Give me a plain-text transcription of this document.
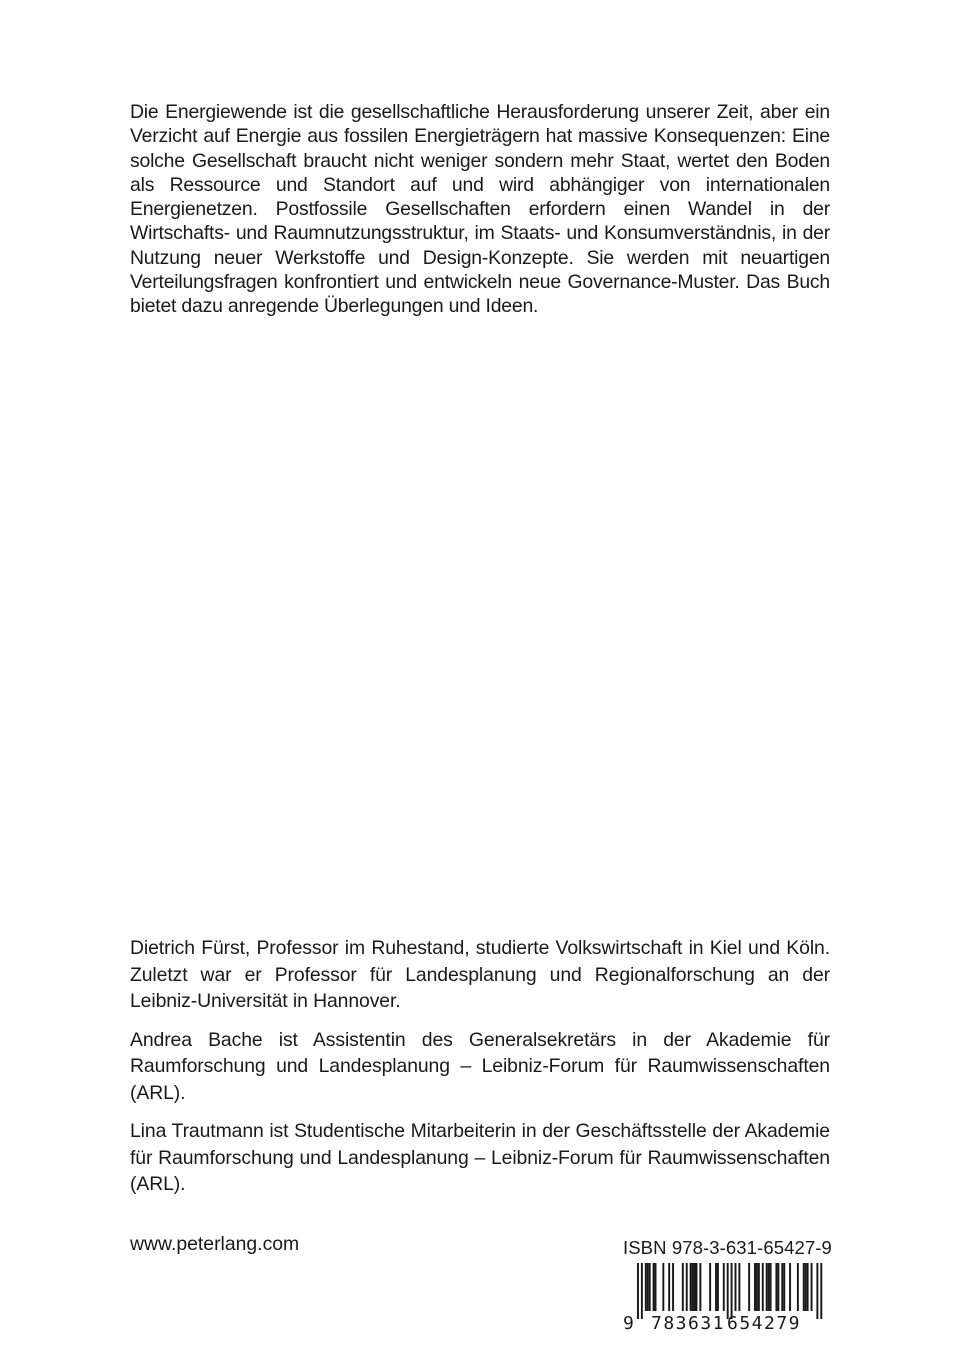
Die Energiewende ist die gesellschaftliche Herausforderung unserer Zeit, aber ein Verzicht auf Energie aus fossilen Energieträgern hat massive Konsequenzen: Eine solche Gesellschaft braucht nicht weniger sondern mehr Staat, wertet den Boden als Ressource und Standort auf und wird abhängiger von internationalen Energienetzen. Postfossile Gesellschaften erfordern einen Wandel in der Wirtschafts- und Raumnutzungsstruktur, im Staats- und Konsumverständnis, in der Nutzung neuer Werkstoffe und Design-Konzepte. Sie werden mit neuartigen Verteilungsfragen konfrontiert und entwickeln neue Governance-Muster. Das Buch bietet dazu anregende Überlegungen und Ideen.

Dietrich Fürst, Professor im Ruhestand, studierte Volkswirtschaft in Kiel und Köln. Zuletzt war er Professor für Landesplanung und Regionalforschung an der Leibniz-Universität in Hannover.

Andrea Bache ist Assistentin des Generalsekretärs in der Akademie für Raumforschung und Landesplanung – Leibniz-Forum für Raumwissenschaften (ARL).

Lina Trautmann ist Studentische Mitarbeiterin in der Geschäftsstelle der Akademie für Raumforschung und Landesplanung – Leibniz-Forum für Raumwissenschaften (ARL).

www.peterlang.com	ISBN 978-3-631-65427-9
9 783631 654279
